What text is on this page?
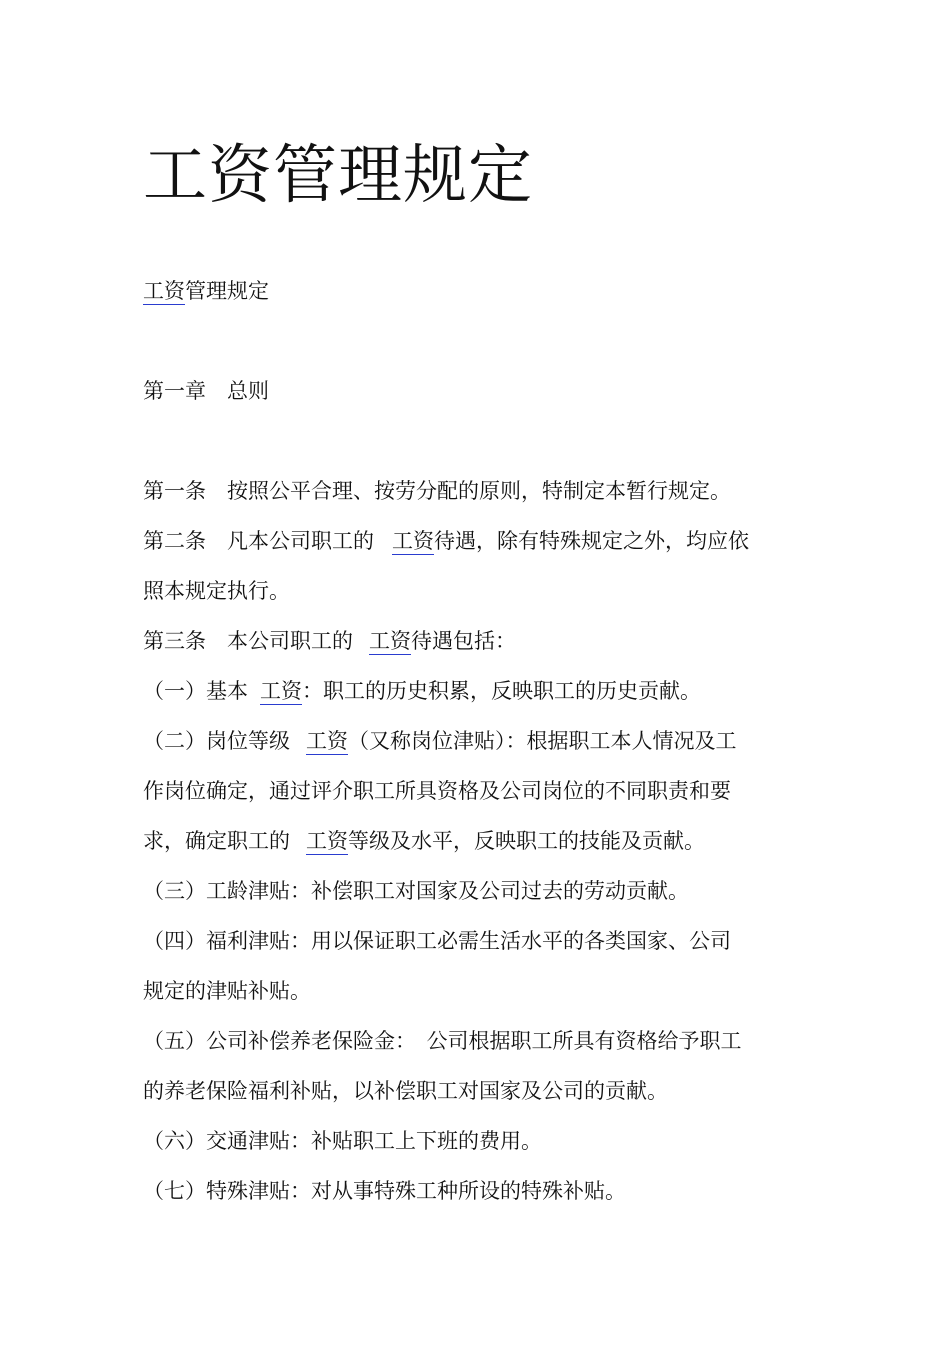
工资管理规定
工资管理规定
第一章　总则
第一条　按照公平合理、按劳分配的原则，特制定本暂行规定。
第二条　凡本公司职工的 工资待遇，除有特殊规定之外，均应依
照本规定执行。
第三条　本公司职工的 工资待遇包括：
（一）基本 工资：职工的历史积累，反映职工的历史贡献。
（二）岗位等级 工资（又称岗位津贴）：根据职工本人情况及工
作岗位确定，通过评介职工所具资格及公司岗位的不同职责和要
求，确定职工的 工资等级及水平，反映职工的技能及贡献。
（三）工龄津贴：补偿职工对国家及公司过去的劳动贡献。
（四）福利津贴：用以保证职工必需生活水平的各类国家、公司
规定的津贴补贴。
（五）公司补偿养老保险金：　公司根据职工所具有资格给予职工
的养老保险福利补贴，以补偿职工对国家及公司的贡献。
（六）交通津贴：补贴职工上下班的费用。
（七）特殊津贴：对从事特殊工种所设的特殊补贴。
